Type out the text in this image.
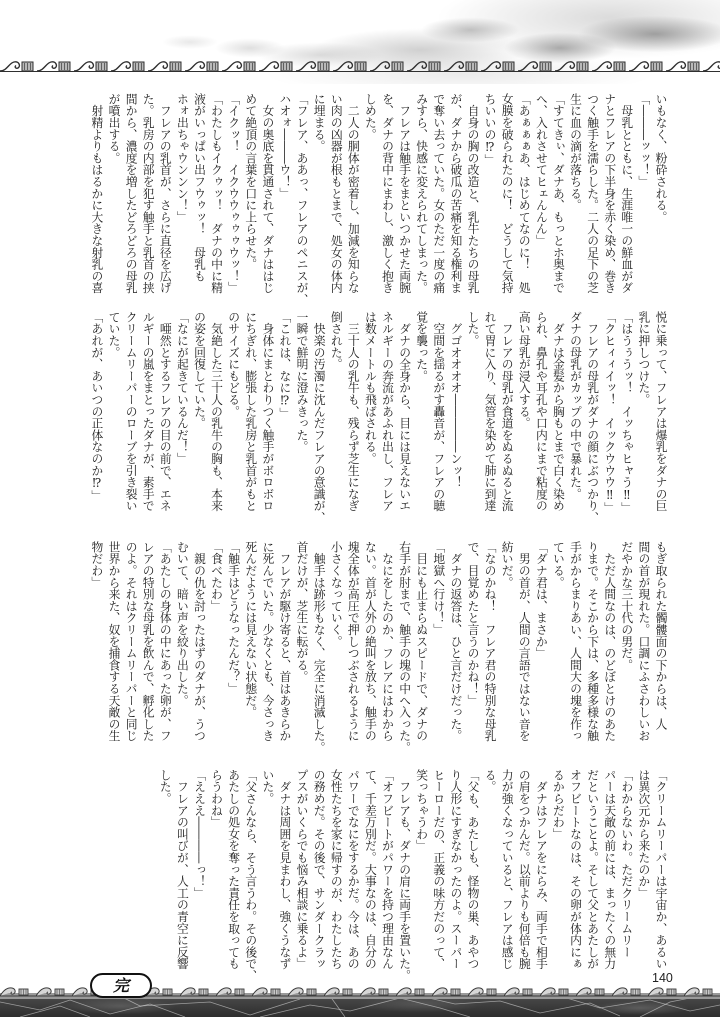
いもなく、粉砕される。

「―――ッッ！」

　母乳とともに、生涯唯一の鮮血がダ

ナとフレアの下半身を赤く染め、巻き

つく触手を濡らした。二人の足下の芝

生に血の滴が落ちる。

「すてきぃ、ダナあ、もっとホ奥まで

へ、入れさせてヒェんんん」

「あぁぁぁあ、はじめてなのに！　処

女膜を破られたのに！　どうして気持

ちいいの⁉」

　自身の胸の改造と、乳牛たちの母乳

が、ダナから破瓜の苦痛を知る権利ま

で奪い去っていた。女のただ一度の痛

みすら、快感に変えられてしまった。

　フレアは触手をまといつかせた両腕

を、ダナの背中にまわし、激しく抱き

しめた。

　二人の胴体が密着し、加減を知らな

い肉の凶器が根もとまで、処女の体内

に埋まる。

「フレア、ああっ、フレアのペニスが、

ハオォ―――ウ！」

　女の奥底を貫通されて、ダナははじ

めて絶頂の言葉を口に上らせた。

「イクッ！　イクウウゥゥゥウッ！」

「わたしもイクゥッ！　ダナの中に精

液がいっぱい出フウゥッ！　母乳も

ホォ出ちゃウンンン！」

　フレアの乳首が、さらに直径を広げ

た。乳房の内部を犯す触手と乳首の挟

間から、濃度を増したどろどろの母乳

が噴出する。

　射精よりもはるかに大きな射乳の喜

悦に乗って、フレアは爆乳をダナの巨

乳に押しつけた。

「はうぅうッ！　イッちゃヒャう‼」

「クヒィィイッ！　イックウウウ‼」

　フレアの母乳がダナの顔にぶつかり、

ダナの母乳がカップの中で暴れた。

　ダナは金髪から胸もとまで白く染め

られ、鼻孔や耳孔や口内にまで粘度の

高い母乳が浸入する。

　フレアの母乳が食道をぬるぬると流

れて胃に入り、気管を染めて肺に到達

した。

　グゴオオオオ―――――ンッ！

　空間を揺るがす轟音が、フレアの聴

覚を襲った。

　ダナの全身から、目には見えないエ

ネルギーの奔流があふれ出し、フレア

は数メートルも飛ばされる。

　三十人の乳牛も、残らず芝生になぎ

倒された。

　快楽の汚濁に沈んだフレアの意識が、

一瞬で鮮明に澄みきった。

「これは、なに⁉」

　身体にまとわりつく触手がボロボロ

にちぎれ、膨張した乳房と乳首がもと

のサイズにもどる。

　気絶した三十人の乳牛の胸も、本来

の姿を回復していた。

「なにが起きているんだ！」

　唖然とするフレアの目の前で、エネ

ルギーの嵐をまとったダナが、素手で

クリームリーパーのローブを引き裂い

ていた。

「あれが、あいつの正体なのか⁉」

もぎ取られた髑髏面の下からは、人

間の首が現れた。口調にふさわしいお

だやかな三十代の男だ。

　ただ人間なのは、のどぼとけのあた

りまで。そこから下は、多種多様な触

手がからまりあい、人間大の塊を作っ

ている。

「ダナ君は、まさか」

　男の首が、人間の言語ではない音を

紡いだ。

「なのかね！　フレア君の特別な母乳

で、目覚めたと言うのかね！」

　ダナの返答は、ひと言だけだった。

「地獄へ行け！」

　目にも止まらぬスピードで、ダナの

右手が肘まで、触手の塊の中へ入った。

　なにをしたのか、フレアにはわから

ない。首が人外の絶叫を放ち、触手の

塊全体が高圧で押しつぶされるように

小さくなっていく。

　触手は跡形もなく、完全に消滅した。

首だけが、芝生に転がる。

　フレアが駆け寄ると、首はあきらか

に死んでいた。少なくとも、今さっき

死んだようには見えない状態だ。

「触手はどうなったんだ？」

「食べたわ」

　親の仇を討ったはずのダナが、うつ

むいて、暗い声を絞り出した。

「あたしの身体の中にあった卵が、フ

レアの特別な母乳を飲んで、孵化した

のよ。それはクリームリーパーと同じ

世界から来た、奴を捕食する天敵の生

物だわ」

「クリームリーパーは宇宙か、あるい

は異次元から来たのか」

「わからないわ。ただクリームリー

パーは天敵の前には、まったくの無力

だということよ。そして父とあたしが

オフビートなのは、その卵が体内にぁ

るからだわ」

　ダナはフレアをにらみ、両手で相手

の肩をつかんだ。以前よりも何倍も腕

力が強くなっていると、フレアは感じ

る。

「父も、あたしも、怪物の巣、あやつ

り人形にすぎなかったのよ。スーパー

ヒーローだの、正義の味方だのって、

笑っちゃうわ」

　フレアも、ダナの肩に両手を置いた。

「オフビートがパワーを持つ理由なん

て、千差万別だ。大事なのは、自分の

パワーでなにをするかだ。今は、あの

女性たちを家に帰すのが、わたしたち

の務めだ。その後で、サンダークラッ

プスがいくらでも悩み相談に乗るよ」

　ダナは周囲を見まわし、強くうなず

いた。

「父さんなら、そう言うわ。その後で、

あたしの処女を奪った責任を取っても

らうわね」

「えええ――――っ！」

　フレアの叫びが、人工の青空に反響

した。

完	140
